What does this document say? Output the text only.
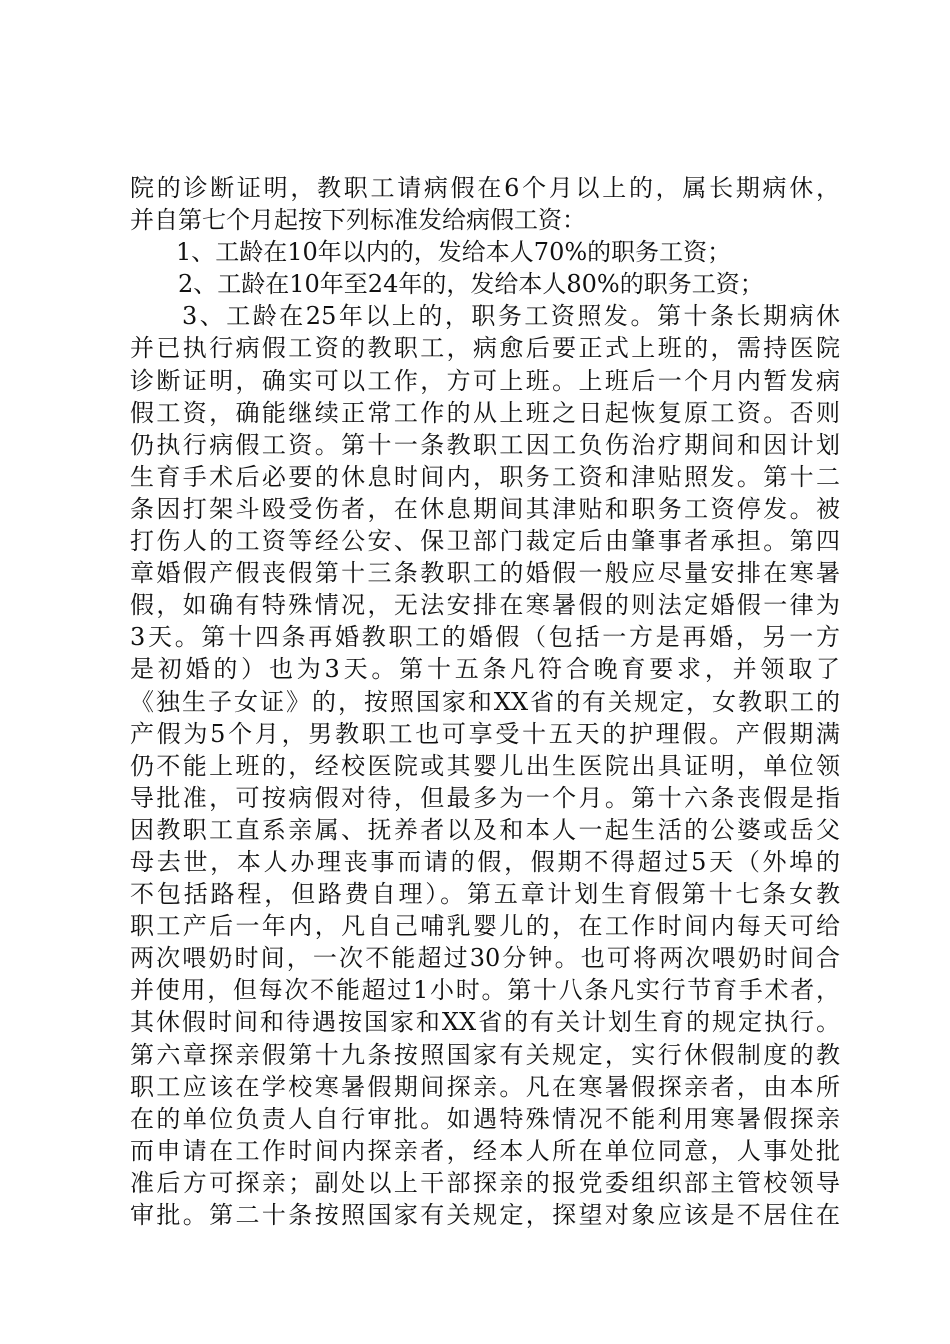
院的诊断证明，教职工请病假在6个月以上的，属长期病休，
并自第七个月起按下列标准发给病假工资：
1、工龄在10年以内的，发给本人70%的职务工资；
2、工龄在10年至24年的，发给本人80%的职务工资；
3、工龄在25年以上的，职务工资照发。第十条长期病休
并已执行病假工资的教职工，病愈后要正式上班的，需持医院
诊断证明，确实可以工作，方可上班。上班后一个月内暂发病
假工资，确能继续正常工作的从上班之日起恢复原工资。否则
仍执行病假工资。第十一条教职工因工负伤治疗期间和因计划
生育手术后必要的休息时间内，职务工资和津贴照发。第十二
条因打架斗殴受伤者，在休息期间其津贴和职务工资停发。被
打伤人的工资等经公安、保卫部门裁定后由肇事者承担。第四
章婚假产假丧假第十三条教职工的婚假一般应尽量安排在寒暑
假，如确有特殊情况，无法安排在寒暑假的则法定婚假一律为
3天。第十四条再婚教职工的婚假（包括一方是再婚，另一方
是初婚的）也为3天。第十五条凡符合晚育要求，并领取了
《独生子女证》的，按照国家和XX省的有关规定，女教职工的
产假为5个月，男教职工也可享受十五天的护理假。产假期满
仍不能上班的，经校医院或其婴儿出生医院出具证明，单位领
导批准，可按病假对待，但最多为一个月。第十六条丧假是指
因教职工直系亲属、抚养者以及和本人一起生活的公婆或岳父
母去世，本人办理丧事而请的假，假期不得超过5天（外埠的
不包括路程，但路费自理）。第五章计划生育假第十七条女教
职工产后一年内，凡自己哺乳婴儿的，在工作时间内每天可给
两次喂奶时间，一次不能超过30分钟。也可将两次喂奶时间合
并使用，但每次不能超过1小时。第十八条凡实行节育手术者，
其休假时间和待遇按国家和XX省的有关计划生育的规定执行。
第六章探亲假第十九条按照国家有关规定，实行休假制度的教
职工应该在学校寒暑假期间探亲。凡在寒暑假探亲者，由本所
在的单位负责人自行审批。如遇特殊情况不能利用寒暑假探亲
而申请在工作时间内探亲者，经本人所在单位同意，人事处批
准后方可探亲；副处以上干部探亲的报党委组织部主管校领导
审批。第二十条按照国家有关规定，探望对象应该是不居住在
